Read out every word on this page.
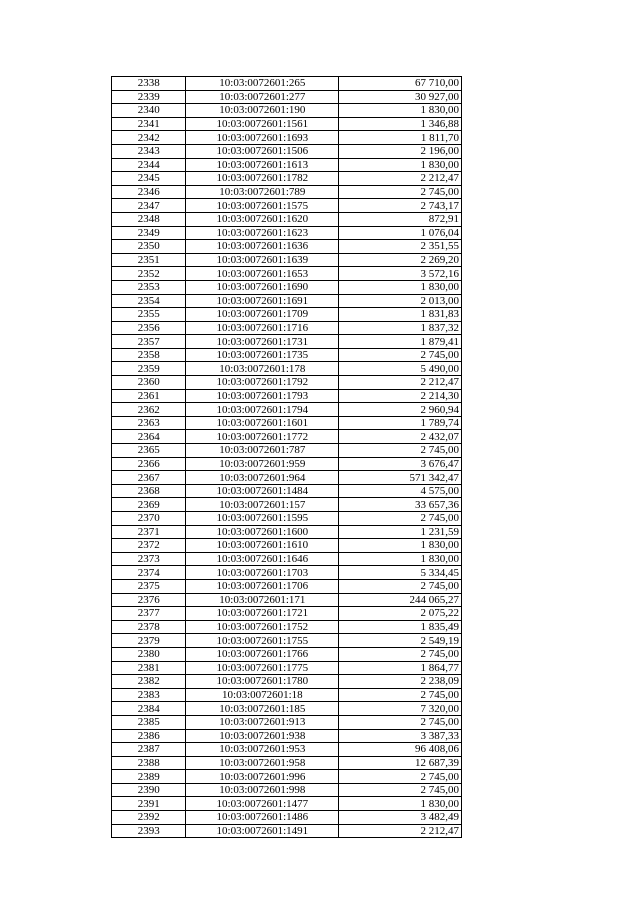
2338	10:03:0072601:265	67 710,00
2339	10:03:0072601:277	30 927,00
2340	10:03:0072601:190	1 830,00
2341	10:03:0072601:1561	1 346,88
2342	10:03:0072601:1693	1 811,70
2343	10:03:0072601:1506	2 196,00
2344	10:03:0072601:1613	1 830,00
2345	10:03:0072601:1782	2 212,47
2346	10:03:0072601:789	2 745,00
2347	10:03:0072601:1575	2 743,17
2348	10:03:0072601:1620	872,91
2349	10:03:0072601:1623	1 076,04
2350	10:03:0072601:1636	2 351,55
2351	10:03:0072601:1639	2 269,20
2352	10:03:0072601:1653	3 572,16
2353	10:03:0072601:1690	1 830,00
2354	10:03:0072601:1691	2 013,00
2355	10:03:0072601:1709	1 831,83
2356	10:03:0072601:1716	1 837,32
2357	10:03:0072601:1731	1 879,41
2358	10:03:0072601:1735	2 745,00
2359	10:03:0072601:178	5 490,00
2360	10:03:0072601:1792	2 212,47
2361	10:03:0072601:1793	2 214,30
2362	10:03:0072601:1794	2 960,94
2363	10:03:0072601:1601	1 789,74
2364	10:03:0072601:1772	2 432,07
2365	10:03:0072601:787	2 745,00
2366	10:03:0072601:959	3 676,47
2367	10:03:0072601:964	571 342,47
2368	10:03:0072601:1484	4 575,00
2369	10:03:0072601:157	33 657,36
2370	10:03:0072601:1595	2 745,00
2371	10:03:0072601:1600	1 231,59
2372	10:03:0072601:1610	1 830,00
2373	10:03:0072601:1646	1 830,00
2374	10:03:0072601:1703	5 334,45
2375	10:03:0072601:1706	2 745,00
2376	10:03:0072601:171	244 065,27
2377	10:03:0072601:1721	2 075,22
2378	10:03:0072601:1752	1 835,49
2379	10:03:0072601:1755	2 549,19
2380	10:03:0072601:1766	2 745,00
2381	10:03:0072601:1775	1 864,77
2382	10:03:0072601:1780	2 238,09
2383	10:03:0072601:18	2 745,00
2384	10:03:0072601:185	7 320,00
2385	10:03:0072601:913	2 745,00
2386	10:03:0072601:938	3 387,33
2387	10:03:0072601:953	96 408,06
2388	10:03:0072601:958	12 687,39
2389	10:03:0072601:996	2 745,00
2390	10:03:0072601:998	2 745,00
2391	10:03:0072601:1477	1 830,00
2392	10:03:0072601:1486	3 482,49
2393	10:03:0072601:1491	2 212,47
